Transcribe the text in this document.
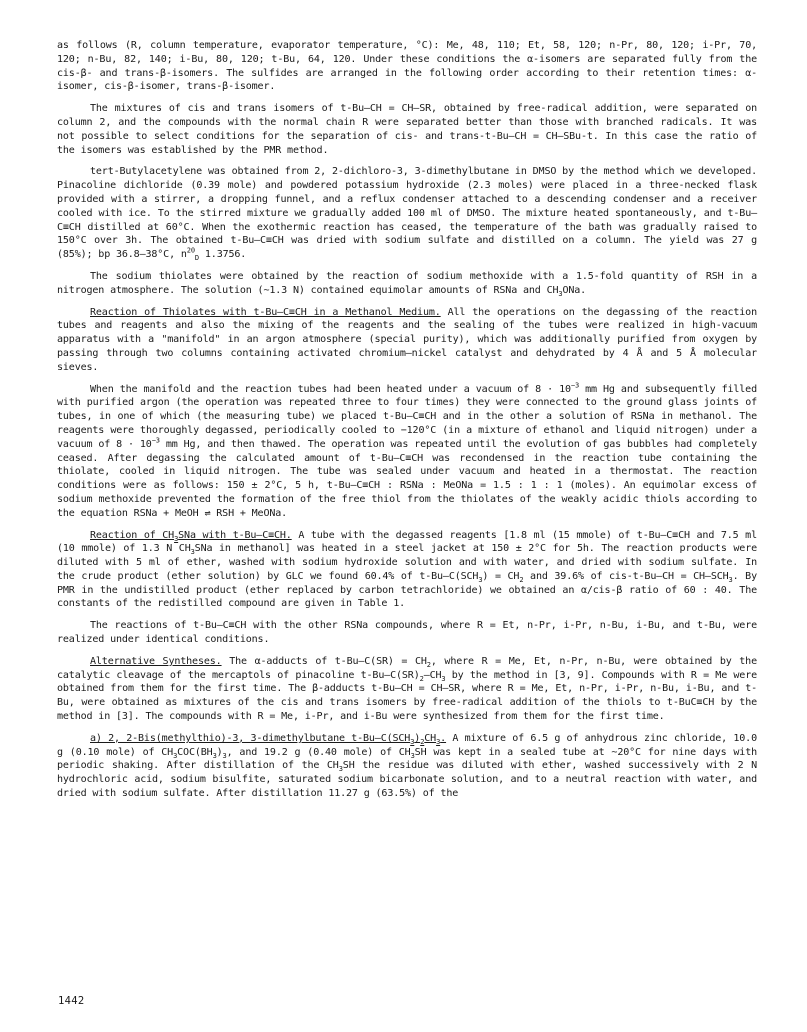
as follows (R, column temperature, evaporator temperature, °C): Me, 48, 110; Et, 58, 120; n-Pr, 80, 120; i-Pr, 70, 120; n-Bu, 82, 140; i-Bu, 80, 120; t-Bu, 64, 120. Under these conditions the α-isomers are separated fully from the cis-β- and trans-β-isomers. The sulfides are arranged in the following order according to their retention times: α-isomer, cis-β-isomer, trans-β-isomer.

The mixtures of cis and trans isomers of t-Bu–CH = CH–SR, obtained by free-radical addition, were separated on column 2, and the compounds with the normal chain R were separated better than those with branched radicals. It was not possible to select conditions for the separation of cis- and trans-t-Bu–CH = CH–SBu-t. In this case the ratio of the isomers was established by the PMR method.

tert-Butylacetylene was obtained from 2, 2-dichloro-3, 3-dimethylbutane in DMSO by the method which we developed. Pinacoline dichloride (0.39 mole) and powdered potassium hydroxide (2.3 moles) were placed in a three-necked flask provided with a stirrer, a dropping funnel, and a reflux condenser attached to a descending condenser and a receiver cooled with ice. To the stirred mixture we gradually added 100 ml of DMSO. The mixture heated spontaneously, and t-Bu–C≡CH distilled at 60°C. When the exothermic reaction has ceased, the temperature of the bath was gradually raised to 150°C over 3h. The obtained t-Bu–C≡CH was dried with sodium sulfate and distilled on a column. The yield was 27 g (85%); bp 36.8–38°C, $n^{20}_D$ 1.3756.

The sodium thiolates were obtained by the reaction of sodium methoxide with a 1.5-fold quantity of RSH in a nitrogen atmosphere. The solution (~1.3 N) contained equimolar amounts of RSNa and $CH_3ONa$.

Reaction of Thiolates with t-Bu–C≡CH in a Methanol Medium. All the operations on the degassing of the reaction tubes and reagents and also the mixing of the reagents and the sealing of the tubes were realized in high-vacuum apparatus with a "manifold" in an argon atmosphere (special purity), which was additionally purified from oxygen by passing through two columns containing activated chromium–nickel catalyst and dehydrated by 4 Å and 5 Å molecular sieves.

When the manifold and the reaction tubes had been heated under a vacuum of $8 \cdot 10^{-3}$ mm Hg and subsequently filled with purified argon (the operation was repeated three to four times) they were connected to the ground glass joints of tubes, in one of which (the measuring tube) we placed t-Bu–C≡CH and in the other a solution of RSNa in methanol. The reagents were thoroughly degassed, periodically cooled to −120°C (in a mixture of ethanol and liquid nitrogen) under a vacuum of $8 \cdot 10^{-3}$ mm Hg, and then thawed. The operation was repeated until the evolution of gas bubbles had completely ceased. After degassing the calculated amount of t-Bu–C≡CH was recondensed in the reaction tube containing the thiolate, cooled in liquid nitrogen. The tube was sealed under vacuum and heated in a thermostat. The reaction conditions were as follows: 150 ± 2°C, 5 h, t-Bu–C≡CH : RSNa : MeONa = 1.5 : 1 : 1 (moles). An equimolar excess of sodium methoxide prevented the formation of the free thiol from the thiolates of the weakly acidic thiols according to the equation RSNa + MeOH ⇌ RSH + MeONa.

Reaction of $CH_3SNa$ with t-Bu–C≡CH. A tube with the degassed reagents [1.8 ml (15 mmole) of t-Bu–C≡CH and 7.5 ml (10 mmole) of 1.3 N $CH_3SNa$ in methanol] was heated in a steel jacket at 150 ± 2°C for 5h. The reaction products were diluted with 5 ml of ether, washed with sodium hydroxide solution and with water, and dried with sodium sulfate. In the crude product (ether solution) by GLC we found 60.4% of $t-Bu-C(SCH_3) = CH_2$ and 39.6% of $cis-t-Bu-CH = CH-SCH_3$. By PMR in the undistilled product (ether replaced by carbon tetrachloride) we obtained an α/cis-β ratio of 60 : 40. The constants of the redistilled compound are given in Table 1.

The reactions of t-Bu–C≡CH with the other RSNa compounds, where R = Et, n-Pr, i-Pr, n-Bu, i-Bu, and t-Bu, were realized under identical conditions.

Alternative Syntheses. The α-adducts of $t-Bu-C(SR) = CH_2$, where R = Me, Et, n-Pr, n-Bu, were obtained by the catalytic cleavage of the mercaptols of pinacoline $t-Bu-C(SR)_2-CH_3$ by the method in [3, 9]. Compounds with R = Me were obtained from them for the first time. The β-adducts t-Bu–CH = CH–SR, where R = Me, Et, n-Pr, i-Pr, n-Bu, i-Bu, and t-Bu, were obtained as mixtures of the cis and trans isomers by free-radical addition of the thiols to t-BuC≡CH by the method in [3]. The compounds with R = Me, i-Pr, and i-Bu were synthesized from them for the first time.

a) 2, 2-Bis(methylthio)-3, 3-dimethylbutane $t-Bu-C(SCH_3)_2CH_3$. A mixture of 6.5 g of anhydrous zinc chloride, 10.0 g (0.10 mole) of $CH_3COC(BH_3)_3$, and 19.2 g (0.40 mole) of $CH_3SH$ was kept in a sealed tube at ~20°C for nine days with periodic shaking. After distillation of the $CH_3SH$ the residue was diluted with ether, washed successively with 2 N hydrochloric acid, sodium bisulfite, saturated sodium bicarbonate solution, and to a neutral reaction with water, and dried with sodium sulfate. After distillation 11.27 g (63.5%) of the

1442
